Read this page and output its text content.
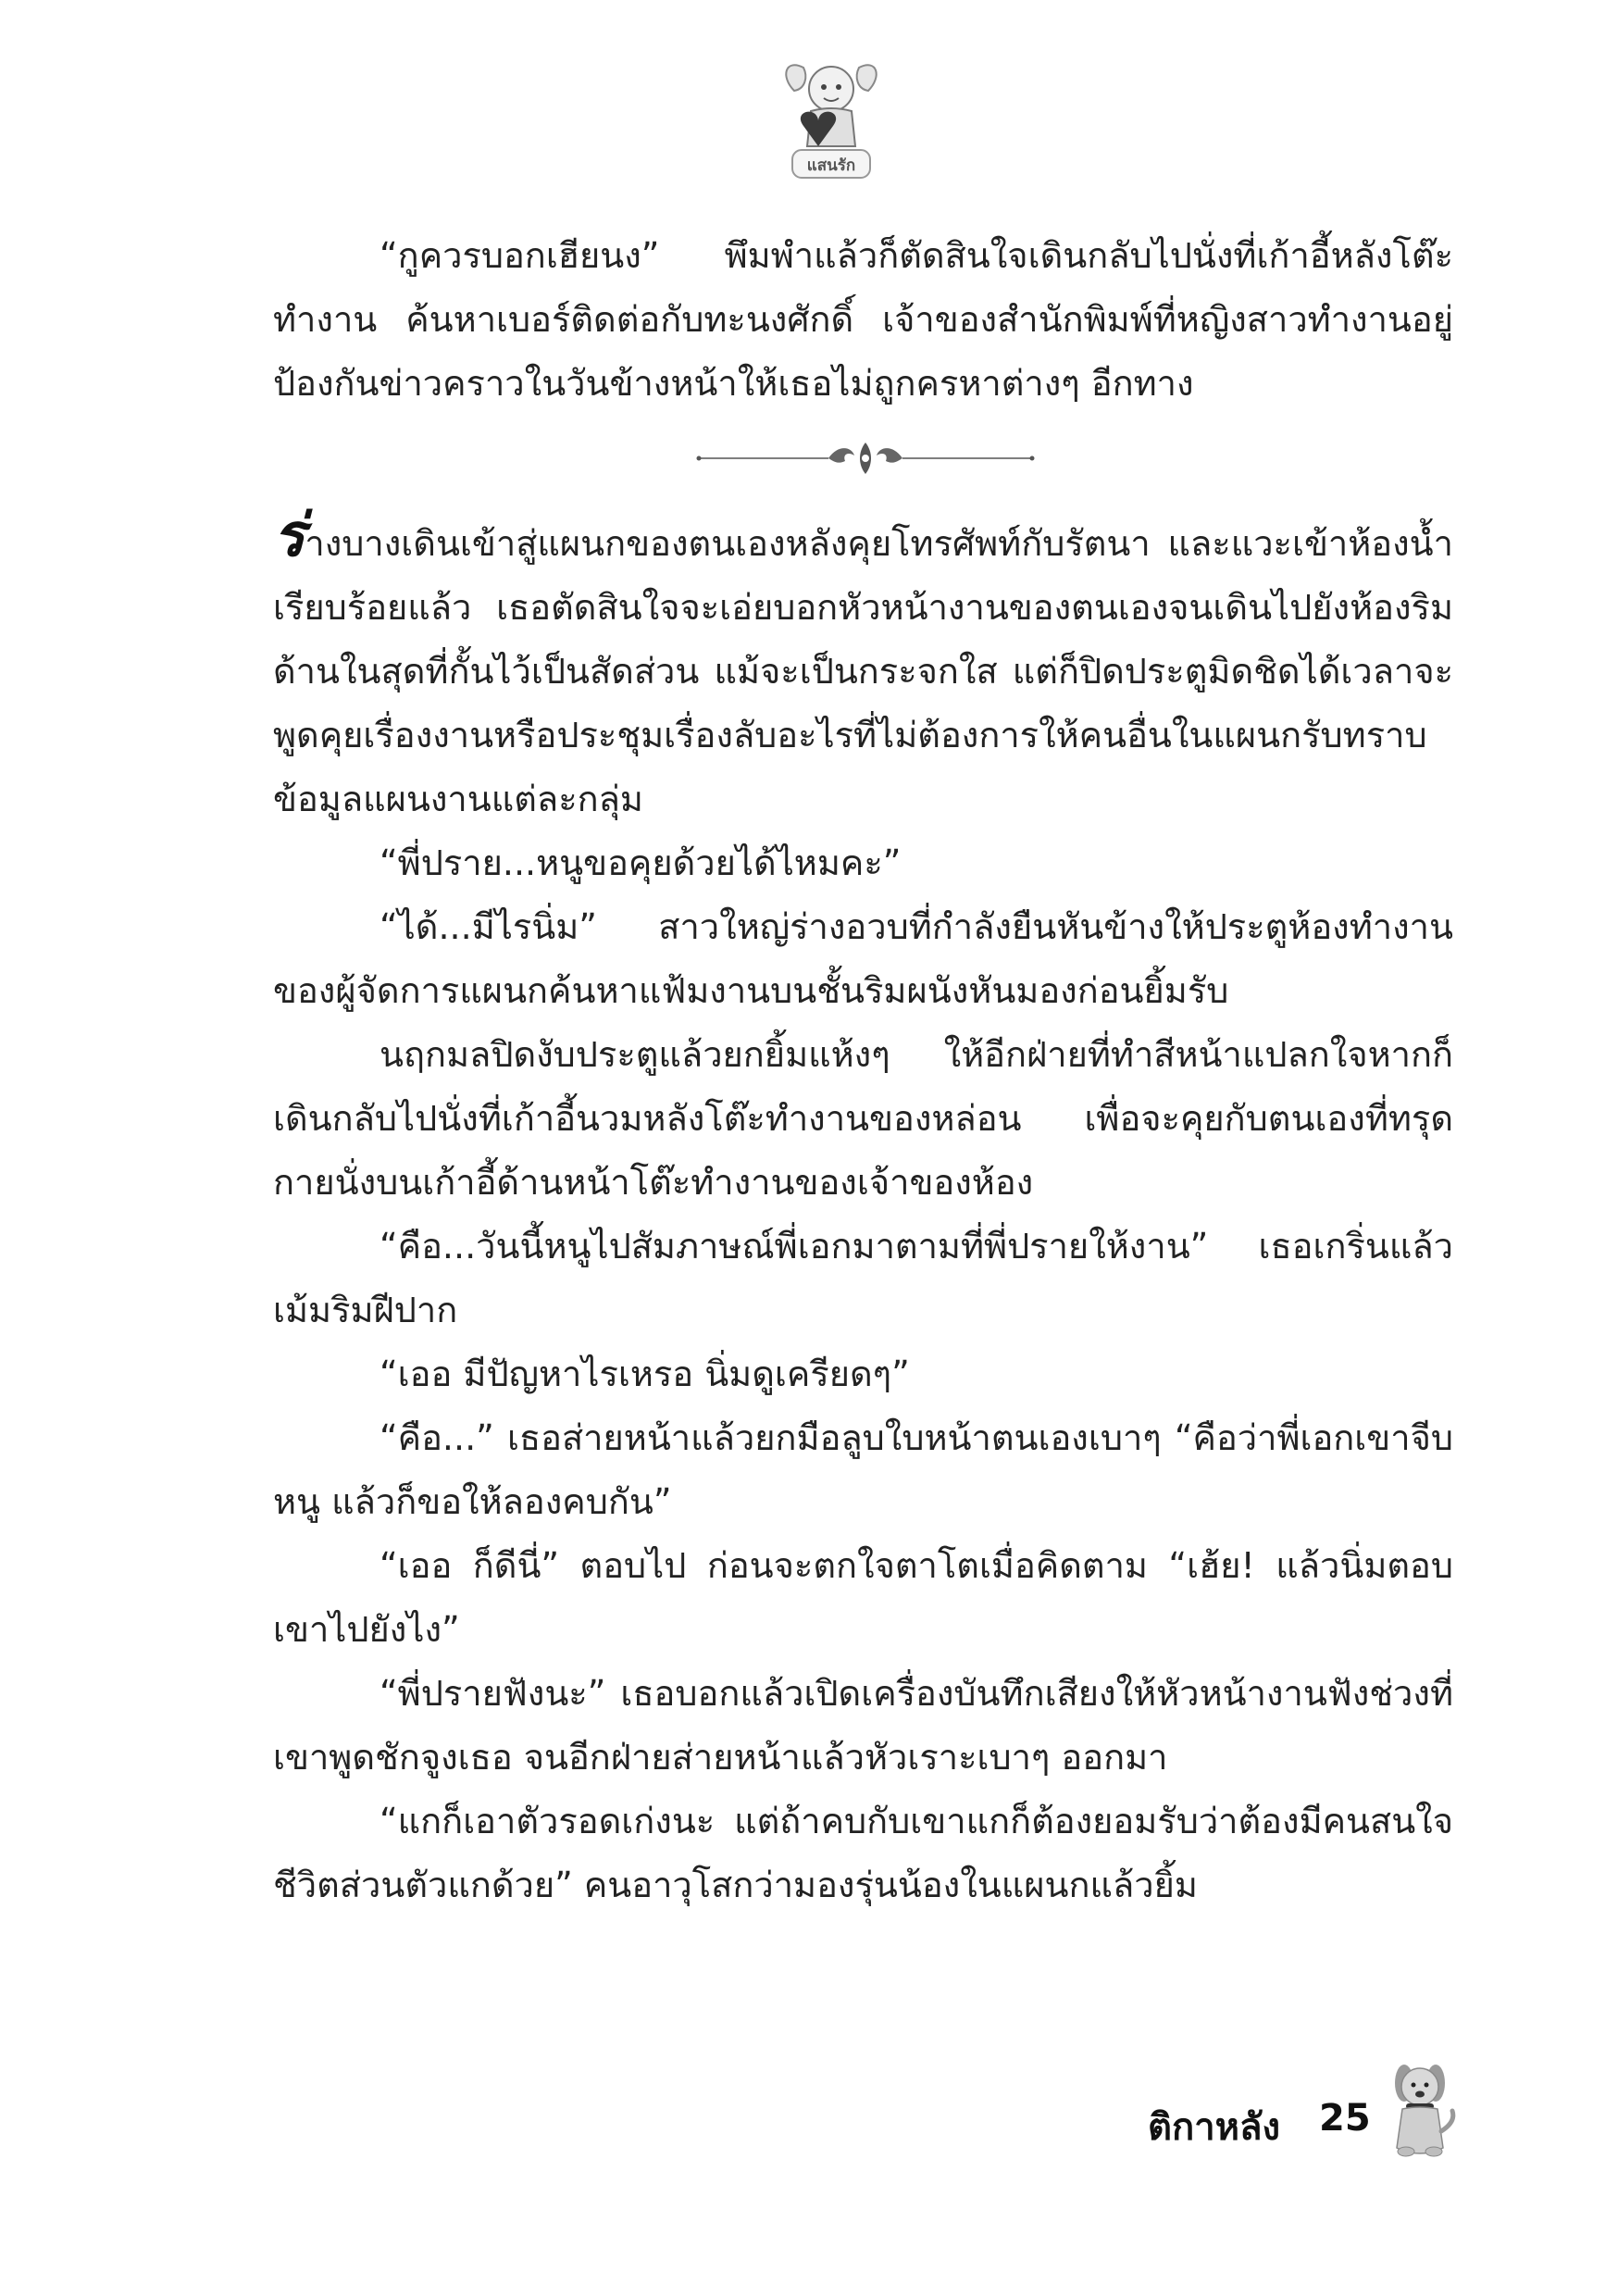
แสนรัก

“กูควรบอกเฮียนง” พึมพำแล้วก็ตัดสินใจเดินกลับไปนั่งที่เก้าอี้หลังโต๊ะทำงาน ค้นหาเบอร์ติดต่อกับทะนงศักดิ์ เจ้าของสำนักพิมพ์ที่หญิงสาวทำงานอยู่ ป้องกันข่าวคราวในวันข้างหน้าให้เธอไม่ถูกครหาต่างๆ อีกทาง

ร่างบางเดินเข้าสู่แผนกของตนเองหลังคุยโทรศัพท์กับรัตนา และแวะเข้าห้องน้ำเรียบร้อยแล้ว เธอตัดสินใจจะเอ่ยบอกหัวหน้างานของตนเองจนเดินไปยังห้องริมด้านในสุดที่กั้นไว้เป็นสัดส่วน แม้จะเป็นกระจกใส แต่ก็ปิดประตูมิดชิดได้เวลาจะพูดคุยเรื่องงานหรือประชุมเรื่องลับอะไรที่ไม่ต้องการให้คนอื่นในแผนกรับทราบข้อมูลแผนงานแต่ละกลุ่ม

“พี่ปราย...หนูขอคุยด้วยได้ไหมคะ”

“ได้...มีไรนิ่ม” สาวใหญ่ร่างอวบที่กำลังยืนหันข้างให้ประตูห้องทำงานของผู้จัดการแผนกค้นหาแฟ้มงานบนชั้นริมผนังหันมองก่อนยิ้มรับ

นฤกมลปิดงับประตูแล้วยกยิ้มแห้งๆ ให้อีกฝ่ายที่ทำสีหน้าแปลกใจหากก็เดินกลับไปนั่งที่เก้าอี้นวมหลังโต๊ะทำงานของหล่อน เพื่อจะคุยกับตนเองที่ทรุดกายนั่งบนเก้าอี้ด้านหน้าโต๊ะทำงานของเจ้าของห้อง

“คือ...วันนี้หนูไปสัมภาษณ์พี่เอกมาตามที่พี่ปรายให้งาน” เธอเกริ่นแล้วเม้มริมฝีปาก

“เออ มีปัญหาไรเหรอ นิ่มดูเครียดๆ”

“คือ...” เธอส่ายหน้าแล้วยกมือลูบใบหน้าตนเองเบาๆ “คือว่าพี่เอกเขาจีบหนู แล้วก็ขอให้ลองคบกัน”

“เออ ก็ดีนี่” ตอบไป ก่อนจะตกใจตาโตเมื่อคิดตาม “เฮ้ย! แล้วนิ่มตอบเขาไปยังไง”

“พี่ปรายฟังนะ” เธอบอกแล้วเปิดเครื่องบันทึกเสียงให้หัวหน้างานฟังช่วงที่เขาพูดชักจูงเธอ จนอีกฝ่ายส่ายหน้าแล้วหัวเราะเบาๆ ออกมา

“แกก็เอาตัวรอดเก่งนะ แต่ถ้าคบกับเขาแกก็ต้องยอมรับว่าต้องมีคนสนใจชีวิตส่วนตัวแกด้วย” คนอาวุโสกว่ามองรุ่นน้องในแผนกแล้วยิ้ม

ติกาหลัง 25
